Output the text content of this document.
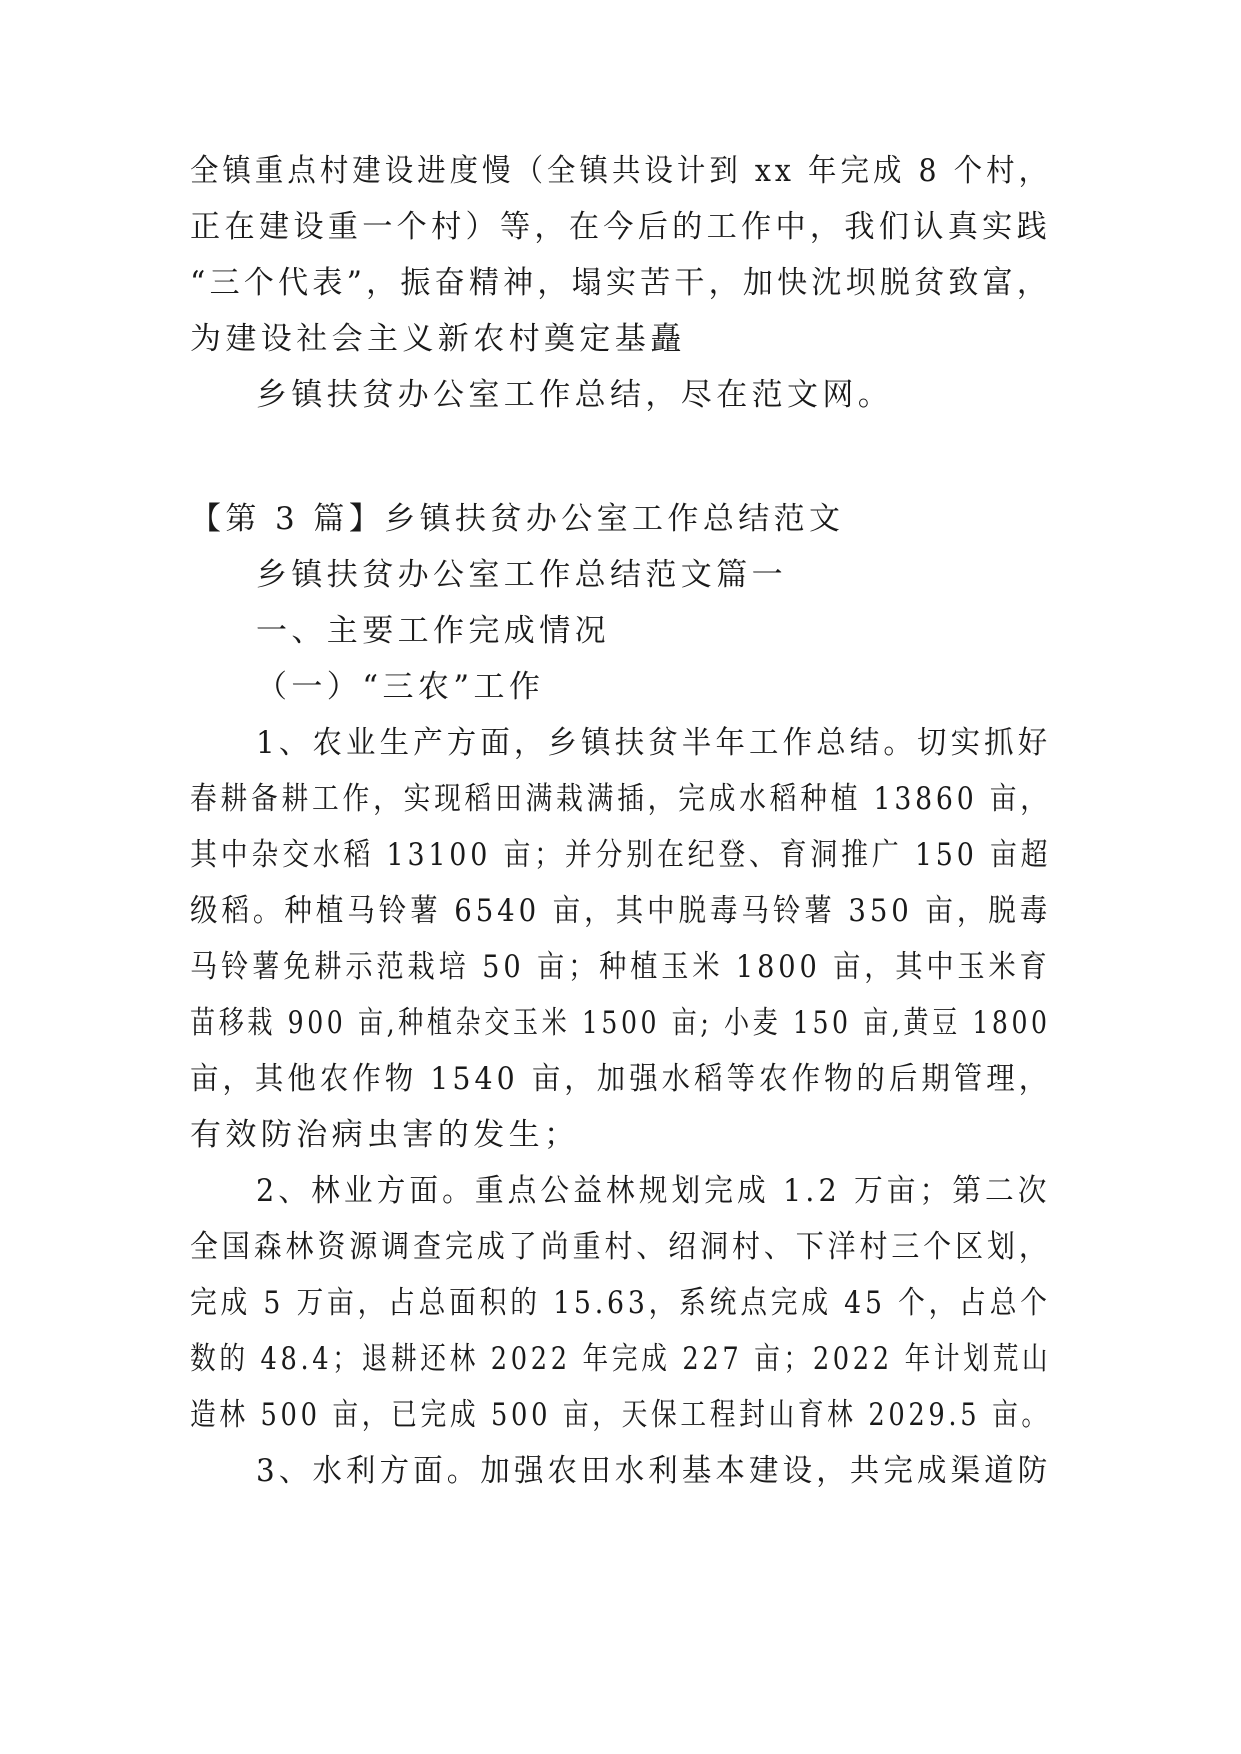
全镇重点村建设进度慢（全镇共设计到 xx 年完成 8 个村，
正在建设重一个村）等，在今后的工作中，我们认真实践
“三个代表”，振奋精神，塌实苦干，加快沈坝脱贫致富，
为建设社会主义新农村奠定基矗
乡镇扶贫办公室工作总结，尽在范文网。
【第 3 篇】乡镇扶贫办公室工作总结范文
乡镇扶贫办公室工作总结范文篇一
一、主要工作完成情况
（一）“三农”工作
1、农业生产方面，乡镇扶贫半年工作总结。切实抓好
春耕备耕工作，实现稻田满栽满插，完成水稻种植 13860 亩，
其中杂交水稻 13100 亩；并分别在纪登、育洞推广 150 亩超
级稻。种植马铃薯 6540 亩，其中脱毒马铃薯 350 亩，脱毒
马铃薯免耕示范栽培 50 亩；种植玉米 1800 亩，其中玉米育
苗移栽 900 亩,种植杂交玉米 1500 亩; 小麦 150 亩,黄豆 1800
亩，其他农作物 1540 亩，加强水稻等农作物的后期管理，
有效防治病虫害的发生；
2、林业方面。重点公益林规划完成 1.2 万亩；第二次
全国森林资源调查完成了尚重村、绍洞村、下洋村三个区划，
完成 5 万亩，占总面积的 15.63，系统点完成 45 个，占总个
数的 48.4；退耕还林 2022 年完成 227 亩；2022 年计划荒山
造林 500 亩，已完成 500 亩，天保工程封山育林 2029.5 亩。
3、水利方面。加强农田水利基本建设，共完成渠道防
